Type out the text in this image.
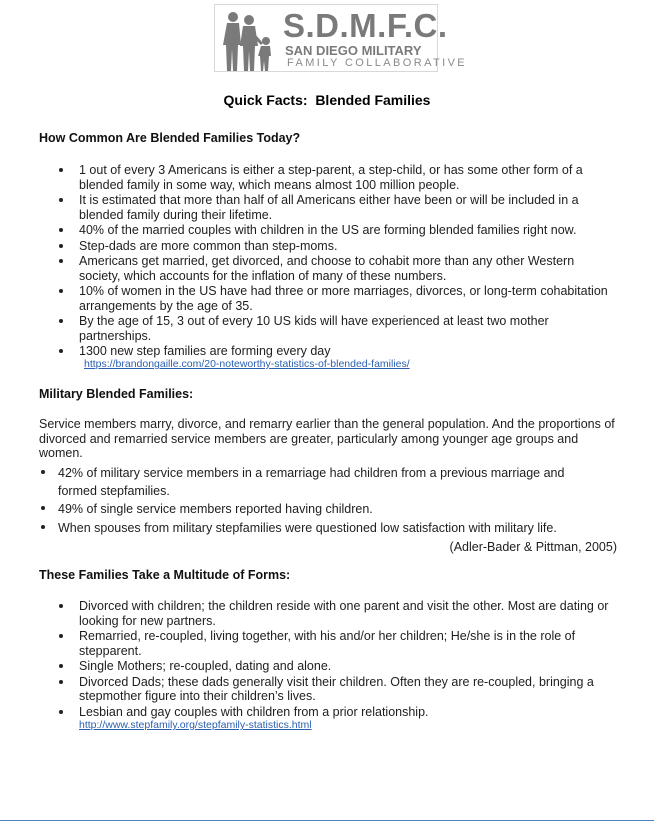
S.D.M.F.C.
SAN DIEGO MILITARY
FAMILY COLLABORATIVE
Quick Facts:  Blended Families
How Common Are Blended Families Today?
1 out of every 3 Americans is either a step-parent, a step-child, or has some other form of a blended family in some way, which means almost 100 million people.
It is estimated that more than half of all Americans either have been or will be included in a blended family during their lifetime.
40% of the married couples with children in the US are forming blended families right now.
Step-dads are more common than step-moms.
Americans get married, get divorced, and choose to cohabit more than any other Western society, which accounts for the inflation of many of these numbers.
10% of women in the US have had three or more marriages, divorces, or long-term cohabitation arrangements by the age of 35.
By the age of 15, 3 out of every 10 US kids will have experienced at least two mother partnerships.
1300 new step families are forming every day
https://brandongaille.com/20-noteworthy-statistics-of-blended-families/
Military Blended Families:
Service members marry, divorce, and remarry earlier than the general population. And the proportions of divorced and remarried service members are greater, particularly among younger age groups and women.
42% of military service members in a remarriage had children from a previous marriage and formed stepfamilies.
49% of single service members reported having children.
When spouses from military stepfamilies were questioned low satisfaction with military life.
(Adler-Bader & Pittman, 2005)
These Families Take a Multitude of Forms:
Divorced with children; the children reside with one parent and visit the other. Most are dating or looking for new partners.
Remarried, re-coupled, living together, with his and/or her children; He/she is in the role of stepparent.
Single Mothers; re-coupled, dating and alone.
Divorced Dads; these dads generally visit their children. Often they are re-coupled, bringing a stepmother figure into their children’s lives.
Lesbian and gay couples with children from a prior relationship.
http://www.stepfamily.org/stepfamily-statistics.html
